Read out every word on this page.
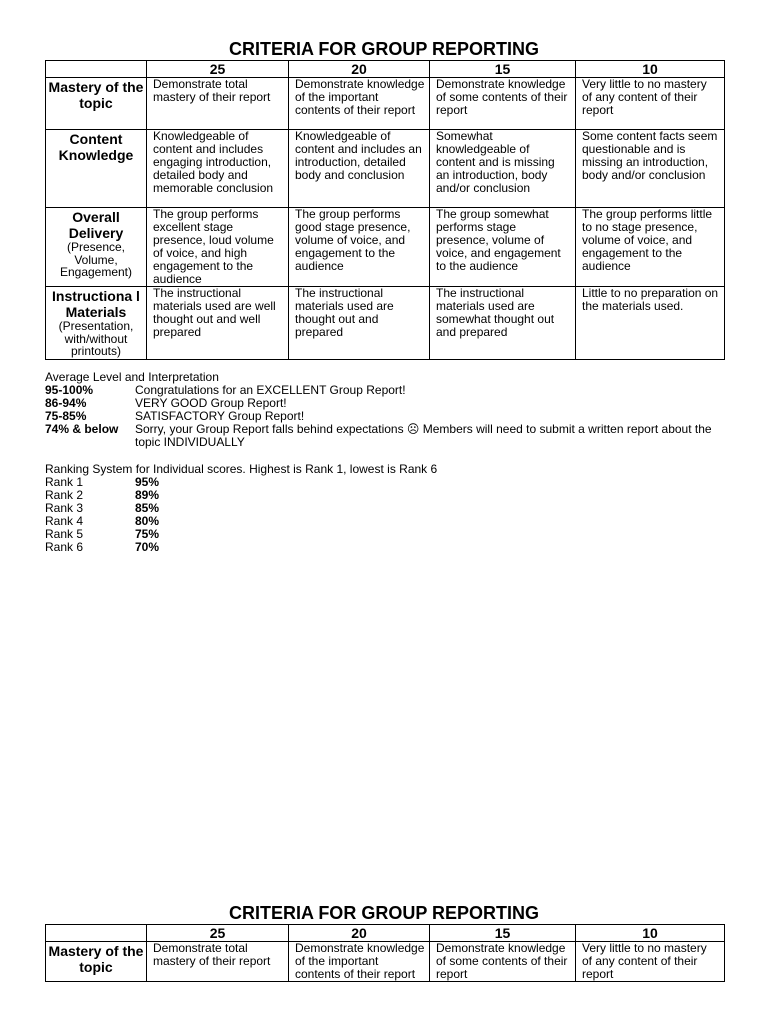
CRITERIA FOR GROUP REPORTING
	25	20	15	10

Mastery of the topic	Demonstrate total mastery of their report	Demonstrate knowledge of the important contents of their report	Demonstrate knowledge of some contents of their report	Very little to no mastery of any content of their report

Content Knowledge	Knowledgeable of content and includes engaging introduction, detailed body and memorable conclusion	Knowledgeable of content and includes an introduction, detailed body and conclusion	Somewhat knowledgeable of content and is missing an introduction, body and/or conclusion	Some content facts seem questionable and is missing an introduction, body and/or conclusion

Overall Delivery
(Presence, Volume, Engagement)	The group performs excellent stage presence, loud volume of voice, and high engagement to the audience	The group performs good stage presence, volume of voice, and engagement to the audience	The group somewhat performs stage presence, volume of voice, and engagement to the audience	The group performs little to no stage presence, volume of voice, and engagement to the audience

Instructiona l Materials
(Presentation, with/without printouts)	The instructional materials used are well thought out and well prepared	The instructional materials used are thought out and prepared	The instructional materials used are somewhat thought out and prepared	Little to no preparation on the materials used.
Average Level and Interpretation
95-100%	Congratulations for an EXCELLENT Group Report!
86-94%	VERY GOOD Group Report!
75-85%	SATISFACTORY Group Report!
74% & below	Sorry, your Group Report falls behind expectations ☹ Members will need to submit a written report about the topic INDIVIDUALLY
Ranking System for Individual scores. Highest is Rank 1, lowest is Rank 6
Rank 1	95%
Rank 2	89%
Rank 3	85%
Rank 4	80%
Rank 5	75%
Rank 6	70%
CRITERIA FOR GROUP REPORTING
	25	20	15	10

Mastery of the topic	Demonstrate total mastery of their report	Demonstrate knowledge of the important contents of their report	Demonstrate knowledge of some contents of their report	Very little to no mastery of any content of their report
